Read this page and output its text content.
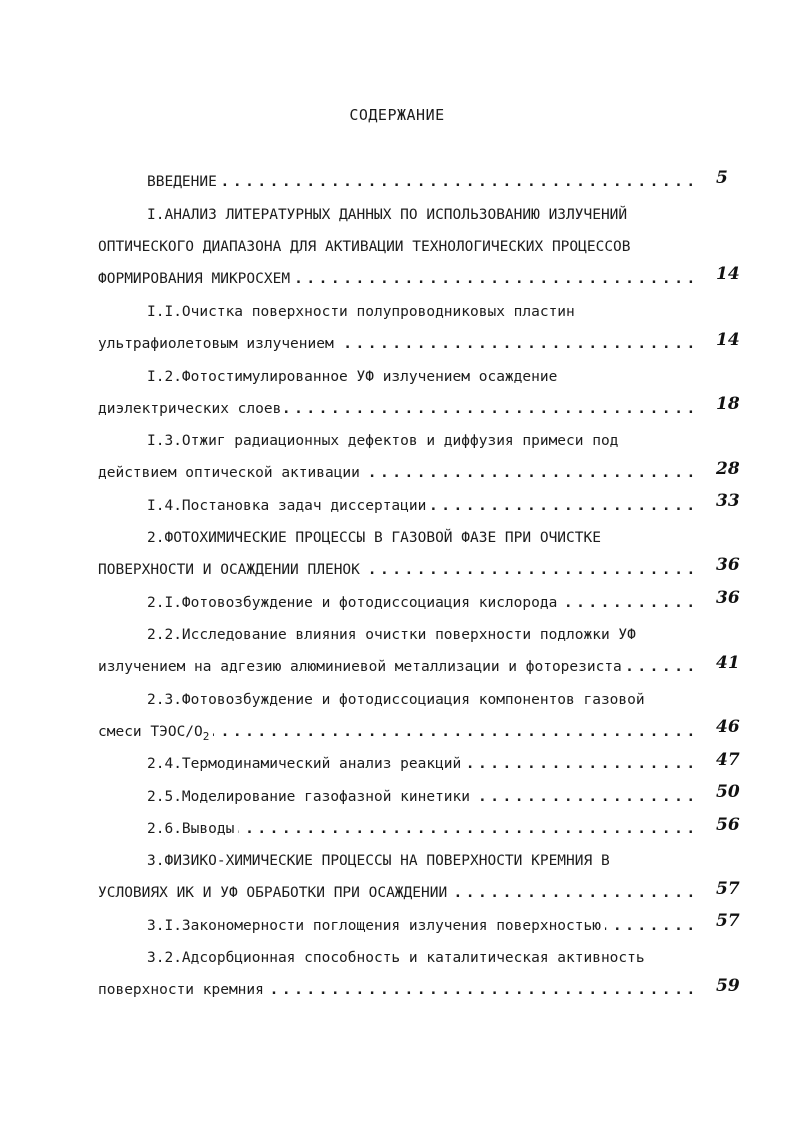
СОДЕРЖАНИЕ
ВВЕДЕНИЕ . . .	5
I.АНАЛИЗ ЛИТЕРАТУРНЫХ ДАННЫХ ПО ИСПОЛЬЗОВАНИЮ ИЗЛУЧЕНИЙ
ОПТИЧЕСКОГО ДИАПАЗОНА ДЛЯ АКТИВАЦИИ ТЕХНОЛОГИЧЕСКИХ ПРОЦЕССОВ
ФОРМИРОВАНИЯ МИКРОСХЕМ . . .	14
I.I.Очистка поверхности полупроводниковых пластин
ультрафиолетовым излучением . . .	14
I.2.Фотостимулированное УФ излучением осаждение
диэлектрических слоев . . .	18
I.3.Отжиг радиационных дефектов и диффузия примеси под
действием оптической активации . . .	28
I.4.Постановка задач диссертации . . .	33
2.ФОТОХИМИЧЕСКИЕ ПРОЦЕССЫ В ГАЗОВОЙ ФАЗЕ ПРИ ОЧИСТКЕ
ПОВЕРХНОСТИ И ОСАЖДЕНИИ ПЛЕНОК . . .	36
2.I.Фотовозбуждение и фотодиссоциация кислорода . . .	36
2.2.Исследование влияния очистки поверхности подложки УФ
излучением на адгезию алюминиевой металлизации и фоторезиста . . .	41
2.3.Фотовозбуждение и фотодиссоциация компонентов газовой
смеси ТЭОС/$О_2$ . . .	46
2.4.Термодинамический анализ реакций . . .	47
2.5.Моделирование газофазной кинетики . . .	50
2.6.Выводы . . .	56
3.ФИЗИКО-ХИМИЧЕСКИЕ ПРОЦЕССЫ НА ПОВЕРХНОСТИ КРЕМНИЯ В
УСЛОВИЯХ ИК И УФ ОБРАБОТКИ ПРИ ОСАЖДЕНИИ . . .	57
3.I.Закономерности поглощения излучения поверхностью . . .	57
3.2.Адсорбционная способность и каталитическая активность
поверхности кремния . . .	59
